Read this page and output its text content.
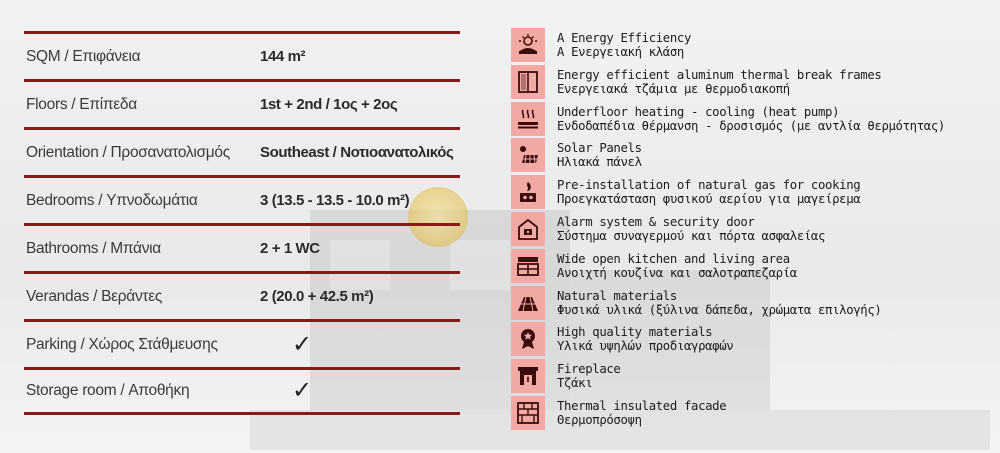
SQM / Επιφάνεια	144 m²
Floors / Επίπεδα	1st + 2nd / 1ος + 2ος
Orientation / Προσανατολισμός	Southeast / Νοτιοανατολικός
Bedrooms / Υπνοδωμάτια	3 (13.5 - 13.5 - 10.0 m²)
Bathrooms / Μπάνια	2 + 1 WC
Verandas / Βεράντες	2 (20.0 + 42.5 m²)
Parking / Χώρος Στάθμευσης	✓
Storage room / Αποθήκη	✓
A Energy Efficiency
A Ενεργειακή κλάση
Energy efficient aluminum thermal break frames
Ενεργειακά τζάμια με θερμοδιακοπή
Underfloor heating - cooling (heat pump)
Ενδοδαπέδια θέρμανση - δροσισμός (με αντλία θερμότητας)
Solar Panels
Ηλιακά πάνελ
Pre-installation of natural gas for cooking
Προεγκατάσταση φυσικού αερίου για μαγείρεμα
Alarm system & security door
Σύστημα συναγερμού και πόρτα ασφαλείας
Wide open kitchen and living area
Ανοιχτή κουζίνα και σαλοτραπεζαρία
Natural materials
Φυσικά υλικά (ξύλινα δάπεδα, χρώματα επιλογής)
High quality materials
Υλικά υψηλών προδιαγραφών
Fireplace
Τζάκι
Thermal insulated facade
Θερμοπρόσοψη
